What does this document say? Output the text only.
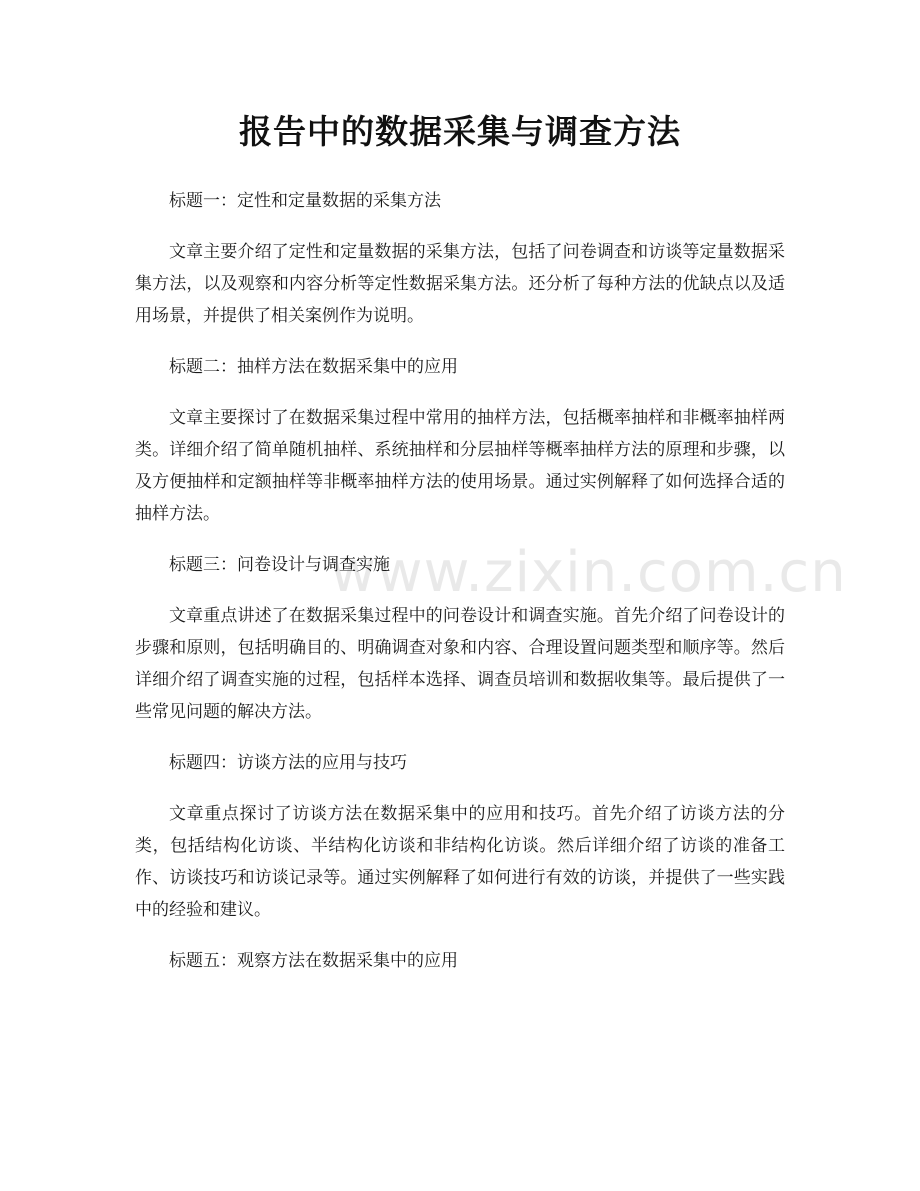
报告中的数据采集与调查方法
www.zixin.com.cn
标题一：定性和定量数据的采集方法
文章主要介绍了定性和定量数据的采集方法，包括了问卷调查和访谈等定量数据采集方法，以及观察和内容分析等定性数据采集方法。还分析了每种方法的优缺点以及适用场景，并提供了相关案例作为说明。
标题二：抽样方法在数据采集中的应用
文章主要探讨了在数据采集过程中常用的抽样方法，包括概率抽样和非概率抽样两类。详细介绍了简单随机抽样、系统抽样和分层抽样等概率抽样方法的原理和步骤，以及方便抽样和定额抽样等非概率抽样方法的使用场景。通过实例解释了如何选择合适的抽样方法。
标题三：问卷设计与调查实施
文章重点讲述了在数据采集过程中的问卷设计和调查实施。首先介绍了问卷设计的步骤和原则，包括明确目的、明确调查对象和内容、合理设置问题类型和顺序等。然后详细介绍了调查实施的过程，包括样本选择、调查员培训和数据收集等。最后提供了一些常见问题的解决方法。
标题四：访谈方法的应用与技巧
文章重点探讨了访谈方法在数据采集中的应用和技巧。首先介绍了访谈方法的分类，包括结构化访谈、半结构化访谈和非结构化访谈。然后详细介绍了访谈的准备工作、访谈技巧和访谈记录等。通过实例解释了如何进行有效的访谈，并提供了一些实践中的经验和建议。
标题五：观察方法在数据采集中的应用
